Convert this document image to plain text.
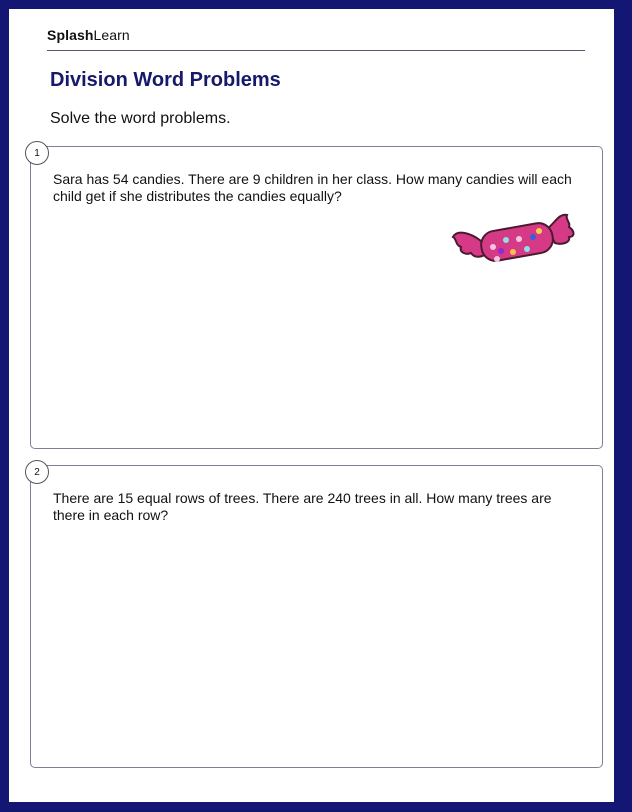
SplashLearn
Division Word Problems
Solve the word problems.
1
Sara has 54 candies. There are 9 children in her class. How many candies will each child get if she distributes the candies equally?
2
There are 15 equal rows of trees. There are 240 trees in all. How many trees are there in each row?
